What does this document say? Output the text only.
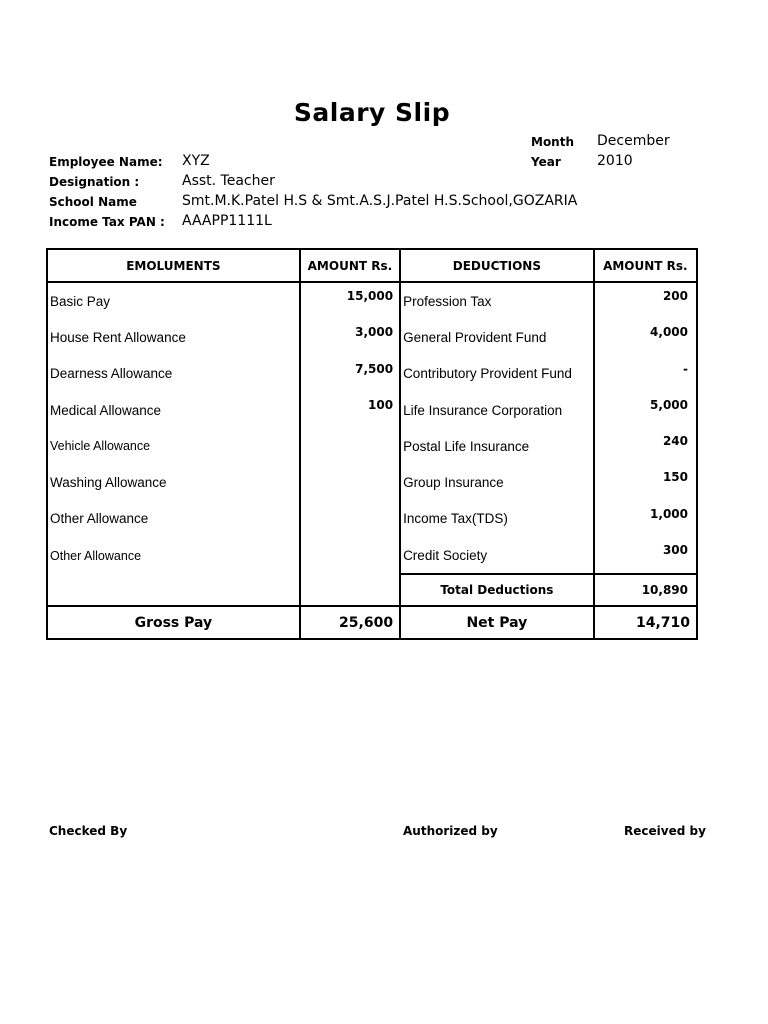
Salary Slip
Month December
Year	2010
Employee Name: XYZ
Designation :	Asst. Teacher
School Name	Smt.M.K.Patel H.S & Smt.A.S.J.Patel H.S.School,GOZARIA
Income Tax PAN : AAAPP1111L
EMOLUMENTS	AMOUNT Rs.	DEDUCTIONS	AMOUNT Rs.
Basic Pay	15,000	Profession Tax	200
House Rent Allowance	3,000	General Provident Fund	4,000
Dearness Allowance	7,500	Contributory Provident Fund	-
Medical Allowance	100	Life Insurance Corporation	5,000
Vehicle Allowance		Postal Life Insurance	240
Washing Allowance		Group Insurance	150
Other Allowance		Income Tax(TDS)	1,000
Other Allowance		Credit Society	300
		Total Deductions	10,890
Gross Pay	25,600	Net Pay	14,710
Checked By	Authorized by	Received by
